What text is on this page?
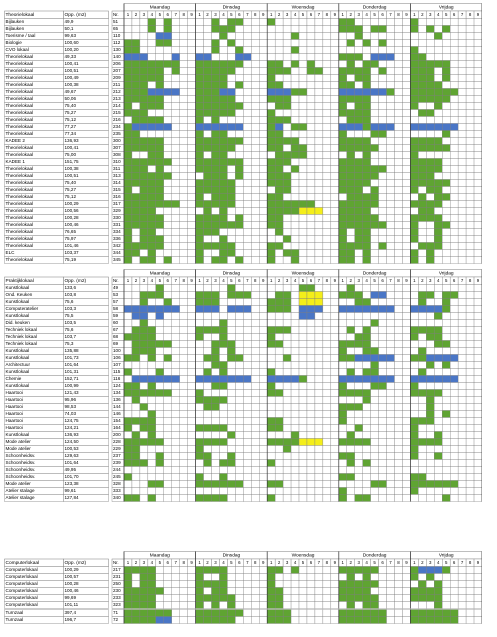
Maandag	Dinsdag	Woensdag	Donderdag	Vrijdag
Theorielokaal	Opp. (m2)	Nr. 1 2 3 4 5 6 7 8 9 1 2 3 4 5 6 7 8 9 1 2 3 4 5 6 7 8 9 1 2 3 4 5 6 7 8 9 1 2 3 4 5 6 7 8 9
Bijlauken	49,9	51
Bijlauken	50,1	65
Toerisme / taal	99,63	110
Biologie	100,60	112
CVO lokaal	100,20	130
Theorielokaal	49,33	140
Theorielokaal	100,41	206
Theorielokaal	100,51	207
Theorielokaal	100,49	209
Theorielokaal	100,38	211
Theorielokaal	49,67	212
Theorielokaal	50,06	213
Theorielokaal	75,40	214
Theorielokaal	75,27	215
Theorielokaal	75,12	216
Theorielokaal	77,27	234
Theorielokaal	77,34	235
KADEE 2	136,93	300
Theorielokaal	100,41	307
Theorielokaal	75,00	308
KADEE 1	151,75	310
Theorielokaal	100,38	311
Theorielokaal	100,51	313
Theorielokaal	75,40	314
Theorielokaal	75,27	315
Theorielokaal	75,12	316
Theorielokaal	100,29	317
Theorielokaal	100,56	329
Theorielokaal	100,28	330
Theorielokaal	100,46	331
Theorielokaal	76,65	334
Theorielokaal	75,97	336
Theorielokaal	101,46	342
ELC	103,37	344
Theorielokaal	75,19	345
Maandag	Dinsdag	Woensdag	Donderdag	Vrijdag
Praktijklokaal	Opp. (m2)	Nr. 1 2 3 4 5 6 7 8 9 1 2 3 4 5 6 7 8 9 1 2 3 4 5 6 7 8 9 1 2 3 4 5 6 7 8 9 1 2 3 4 5 6 7 8 9
Kunstlokaal	133,6	49
Ond. Keuken	103,8	53
Kunstlokaal	75,6	57
Computeratelier	103,3	58
Kunstlokaal	75,5	59
Did. keuken	103,5	60
Techniek lokaal	75,6	67
Techniek lokaal	103,7	68
Techniek lokaal	75,3	69
Kunstlokaal	135,88	100
Kunstlokaal	101,73	106
Architectuur	101,64	107
Kunstlokaal	101,31	115
Chemie	152,71	116
Kunstlokaal	100,99	124
Haartooi	121,43	134
Haartooi	95,96	136
Haartooi	98,53	144
Haartooi	74,03	146
Haartooi	124,75	154
Haartooi	124,21	164
Kunstlokaal	136,93	200
Mode atelier	124,50	228
Mode atelier	100,53	229
Schoonheidsv.	129,63	237
Schoonheidsv.	101,64	239
Schoonheidsv.	49,95	244
Schoonheidsv.	101,70	245
Mode atelier	123,38	328
Atelier stalage	99,61	333
Atelier stalage	127,84	340
Maandag	Dinsdag	Woensdag	Donderdag	Vrijdag
Computerlokaal	Opp. (m2)	Nr. 1 2 3 4 5 6 7 8 9 1 2 3 4 5 6 7 8 9 1 2 3 4 5 6 7 8 9 1 2 3 4 5 6 7 8 9 1 2 3 4 5 6 7 8 9
Computerlokaal	100,29	217
Computerlokaal	100,57	231
Computerlokaal	100,28	250
Computerlokaal	100,46	230
Computerlokaal	99,69	233
Computerlokaal	101,11	323
Turnzaal	397,4	71
Turnzaal	196,7	72
